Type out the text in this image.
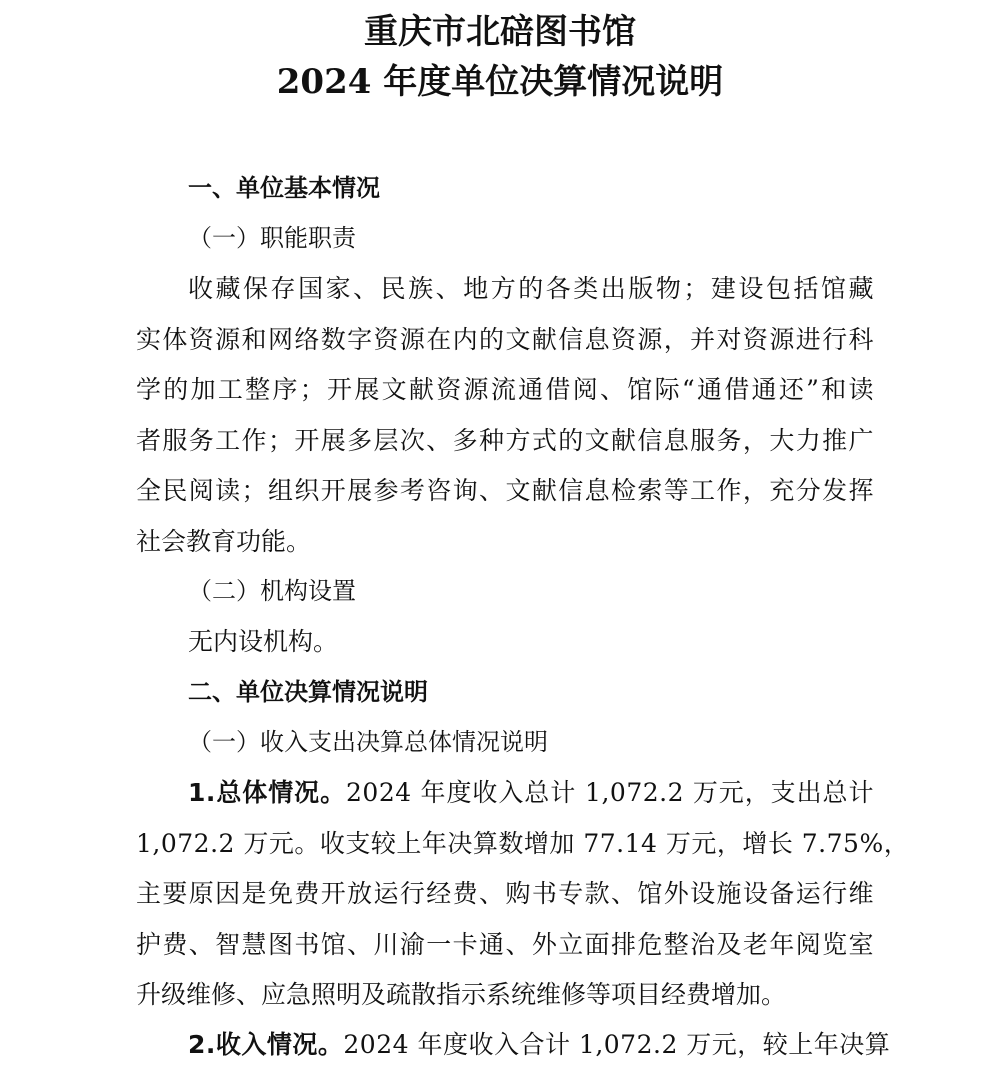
重庆市北碚图书馆
2024 年度单位决算情况说明

一、单位基本情况

（一）职能职责

收藏保存国家、民族、地方的各类出版物；建设包括馆藏

实体资源和网络数字资源在内的文献信息资源，并对资源进行科

学的加工整序；开展文献资源流通借阅、馆际“通借通还”和读

者服务工作；开展多层次、多种方式的文献信息服务，大力推广

全民阅读；组织开展参考咨询、文献信息检索等工作，充分发挥

社会教育功能。

（二）机构设置

无内设机构。

二、单位决算情况说明

（一）收入支出决算总体情况说明

1.总体情况。2024 年度收入总计 1,072.2 万元，支出总计

1,072.2 万元。收支较上年决算数增加 77.14 万元，增长 7.75%，

主要原因是免费开放运行经费、购书专款、馆外设施设备运行维

护费、智慧图书馆、川渝一卡通、外立面排危整治及老年阅览室

升级维修、应急照明及疏散指示系统维修等项目经费增加。

2.收入情况。2024 年度收入合计 1,072.2 万元，较上年决算
